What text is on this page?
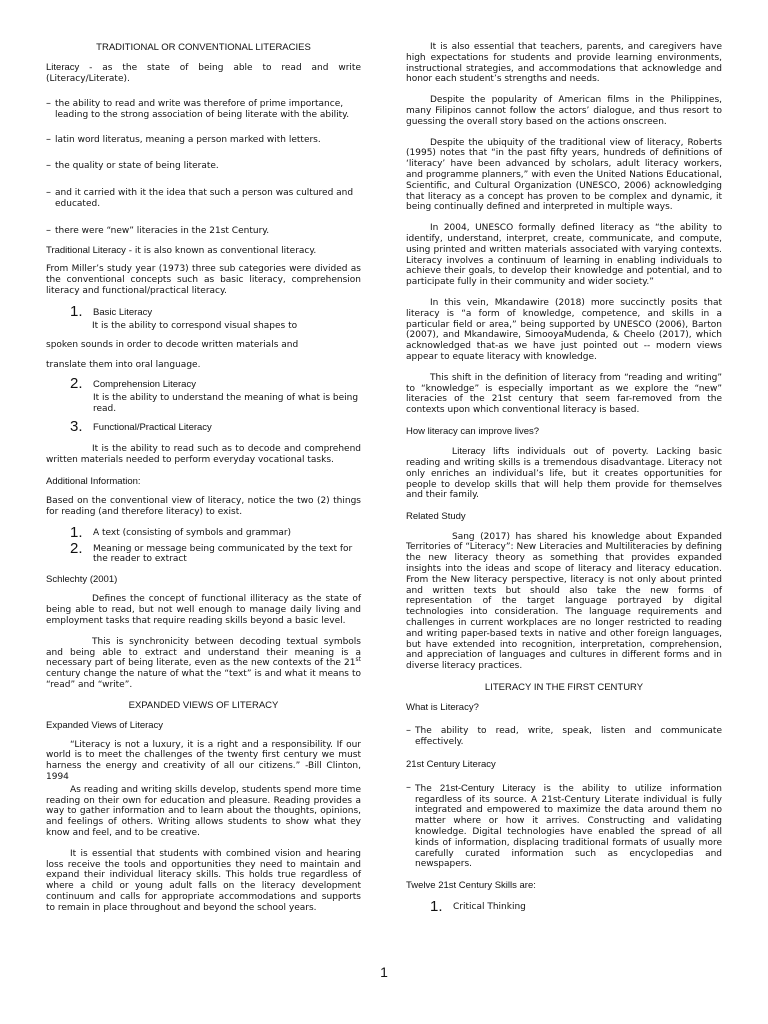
TRADITIONAL OR CONVENTIONAL LITERACIES

Literacy - as the state of being able to read and write (Literacy/Literate).

– the ability to read and write was therefore of prime importance, leading to the strong association of being literate with the ability.

– latin word literatus, meaning a person marked with letters.

– the quality or state of being literate.

– and it carried with it the idea that such a person was cultured and educated.

– there were “new” literacies in the 21st Century.

Traditional Literacy - it is also known as conventional literacy.

From Miller’s study year (1973) three sub categories were divided as the conventional concepts such as basic literacy, comprehension literacy and functional/practical literacy.

1. Basic Literacy

It is the ability to correspond visual shapes to

spoken sounds in order to decode written materials and

translate them into oral language.

2. Comprehension Literacy

It is the ability to understand the meaning of what is being read.

3. Functional/Practical Literacy

It is the ability to read such as to decode and comprehend written materials needed to perform everyday vocational tasks.

Additional Information:

Based on the conventional view of literacy, notice the two (2) things for reading (and therefore literacy) to exist.

1. A text (consisting of symbols and grammar)
2. Meaning or message being communicated by the text for the reader to extract

Schlechty (2001)

Defines the concept of functional illiteracy as the state of being able to read, but not well enough to manage daily living and employment tasks that require reading skills beyond a basic level.

This is synchronicity between decoding textual symbols and being able to extract and understand their meaning is a necessary part of being literate, even as the new contexts of the 21st century change the nature of what the “text” is and what it means to “read” and “write”.

EXPANDED VIEWS OF LITERACY

Expanded Views of Literacy

“Literacy is not a luxury, it is a right and a responsibility. If our world is to meet the challenges of the twenty first century we must harness the energy and creativity of all our citizens.” -Bill Clinton, 1994

As reading and writing skills develop, students spend more time reading on their own for education and pleasure. Reading provides a way to gather information and to learn about the thoughts, opinions, and feelings of others. Writing allows students to show what they know and feel, and to be creative.

It is essential that students with combined vision and hearing loss receive the tools and opportunities they need to maintain and expand their individual literacy skills. This holds true regardless of where a child or young adult falls on the literacy development continuum and calls for appropriate accommodations and supports to remain in place throughout and beyond the school years.

It is also essential that teachers, parents, and caregivers have high expectations for students and provide learning environments, instructional strategies, and accommodations that acknowledge and honor each student’s strengths and needs.

Despite the popularity of American films in the Philippines, many Filipinos cannot follow the actors’ dialogue, and thus resort to guessing the overall story based on the actions onscreen.

Despite the ubiquity of the traditional view of literacy, Roberts (1995) notes that “in the past fifty years, hundreds of definitions of ‘literacy’ have been advanced by scholars, adult literacy workers, and programme planners,” with even the United Nations Educational, Scientific, and Cultural Organization (UNESCO, 2006) acknowledging that literacy as a concept has proven to be complex and dynamic, it being continually defined and interpreted in multiple ways.

In 2004, UNESCO formally defined literacy as “the ability to identify, understand, interpret, create, communicate, and compute, using printed and written materials associated with varying contexts. Literacy involves a continuum of learning in enabling individuals to achieve their goals, to develop their knowledge and potential, and to participate fully in their community and wider society.”

In this vein, Mkandawire (2018) more succinctly posits that literacy is “a form of knowledge, competence, and skills in a particular field or area,” being supported by UNESCO (2006), Barton (2007), and Mkandawire, SimooyaMudenda, & Cheelo (2017), which acknowledged that-as we have just pointed out -- modern views appear to equate literacy with knowledge.

This shift in the definition of literacy from “reading and writing” to “knowledge” is especially important as we explore the “new” literacies of the 21st century that seem far-removed from the contexts upon which conventional literacy is based.

How literacy can improve lives?

Literacy lifts individuals out of poverty. Lacking basic reading and writing skills is a tremendous disadvantage. Literacy not only enriches an individual’s life, but it creates opportunities for people to develop skills that will help them provide for themselves and their family.

Related Study

Sang (2017) has shared his knowledge about Expanded Territories of “Literacy”: New Literacies and Multiliteracies by defining the new literacy theory as something that provides expanded insights into the ideas and scope of literacy and literacy education. From the New literacy perspective, literacy is not only about printed and written texts but should also take the new forms of representation of the target language portrayed by digital technologies into consideration. The language requirements and challenges in current workplaces are no longer restricted to reading and writing paper-based texts in native and other foreign languages, but have extended into recognition, interpretation, comprehension, and appreciation of languages and cultures in different forms and in diverse literacy practices.

LITERACY IN THE FIRST CENTURY

What is Literacy?

– The ability to read, write, speak, listen and communicate effectively.

21st Century Literacy

– The 21st-Century Literacy is the ability to utilize information regardless of its source. A 21st-Century Literate individual is fully integrated and empowered to maximize the data around them no matter where or how it arrives. Constructing and validating knowledge. Digital technologies have enabled the spread of all kinds of information, displacing traditional formats of usually more carefully curated information such as encyclopedias and newspapers.

Twelve 21st Century Skills are:

1. Critical Thinking
1
